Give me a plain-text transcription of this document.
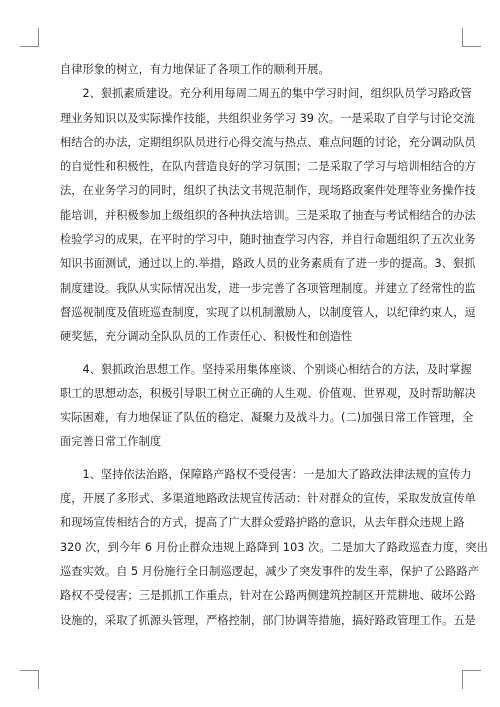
自律形象的树立，有力地保证了各项工作的顺利开展。
　　2、狠抓素质建设。充分利用每周二周五的集中学习时间，组织队员学习路政管
理业务知识以及实际操作技能，共组织业务学习 39 次。一是采取了自学与讨论交流
相结合的办法，定期组织队员进行心得交流与热点、难点问题的讨论，充分调动队员
的自觉性和积极性，在队内营造良好的学习氛围；二是采取了学习与培训相结合的方
法，在业务学习的同时，组织了执法文书规范制作，现场路政案件处理等业务操作技
能培训，并积极参加上级组织的各种执法培训。三是采取了抽查与考试相结合的办法
检验学习的成果，在平时的学习中，随时抽查学习内容，并自行命题组织了五次业务
知识书面测试，通过以上的.举措，路政人员的业务素质有了进一步的提高。3、狠抓
制度建设。我队从实际情况出发，进一步完善了各项管理制度。并建立了经常性的监
督巡视制度及值班巡查制度，实现了以机制激励人，以制度管人，以纪律约束人，逗
硬奖惩，充分调动全队队员的工作责任心、积极性和创造性
　　4、狠抓政治思想工作。坚持采用集体座谈、个别谈心相结合的方法，及时掌握
职工的思想动态，积极引导职工树立正确的人生观、价值观、世界观，及时帮助解决
实际困难，有力地保证了队伍的稳定、凝聚力及战斗力。(二)加强日常工作管理，全
面完善日常工作制度
　　1、坚持依法治路，保障路产路权不受侵害：一是加大了路政法律法规的宣传力
度，开展了多形式、多渠道地路政法规宣传活动：针对群众的宣传，采取发放宣传单
和现场宣传相结合的方式，提高了广大群众爱路护路的意识，从去年群众违规上路
320 次，到今年 6 月份止群众违规上路降到 103 次。二是加大了路政巡查力度，突出
巡查实效。自 5 月份施行全日制巡逻起，减少了突发事件的发生率，保护了公路路产
路权不受侵害；三是抓抓工作重点，针对在公路两侧建筑控制区开荒耕地、破坏公路
设施的，采取了抓源头管理，严格控制，部门协调等措施，搞好路政管理工作。五是
